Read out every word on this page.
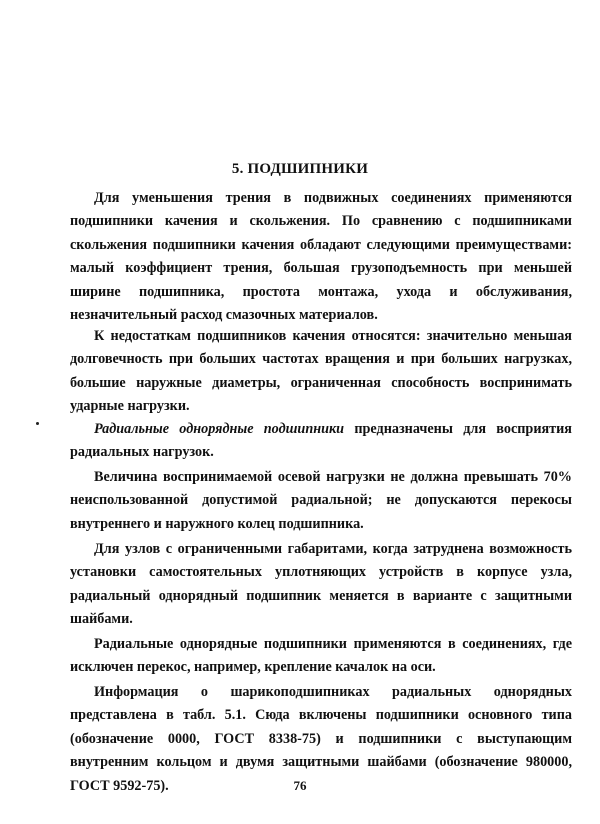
5. ПОДШИПНИКИ

Для уменьшения трения в подвижных соединениях применяются подшипники качения и скольжения. По сравнению с подшипниками скольжения подшипники качения обладают следующими преимуществами: малый коэффициент трения, большая грузоподъемность при меньшей ширине подшипника, простота монтажа, ухода и обслуживания, незначительный расход смазочных материалов.

К недостаткам подшипников качения относятся: значительно меньшая долговечность при больших частотах вращения и при больших нагрузках, большие наружные диаметры, ограниченная способность воспринимать ударные нагрузки.

Радиальные однорядные подшипники предназначены для восприятия радиальных нагрузок.

Величина воспринимаемой осевой нагрузки не должна превышать 70% неиспользованной допустимой радиальной; не допускаются перекосы внутреннего и наружного колец подшипника.

Для узлов с ограниченными габаритами, когда затруднена возможность установки самостоятельных уплотняющих устройств в корпусе узла, радиальный однорядный подшипник меняется в варианте с защитными шайбами.

Радиальные однорядные подшипники применяются в соединениях, где исключен перекос, например, крепление качалок на оси.

Информация о шарикоподшипниках радиальных однорядных представлена в табл. 5.1. Сюда включены подшипники основного типа (обозначение 0000, ГОСТ 8338-75) и подшипники с выступающим внутренним кольцом и двумя защитными шайбами (обозначение 980000, ГОСТ 9592-75).	76
